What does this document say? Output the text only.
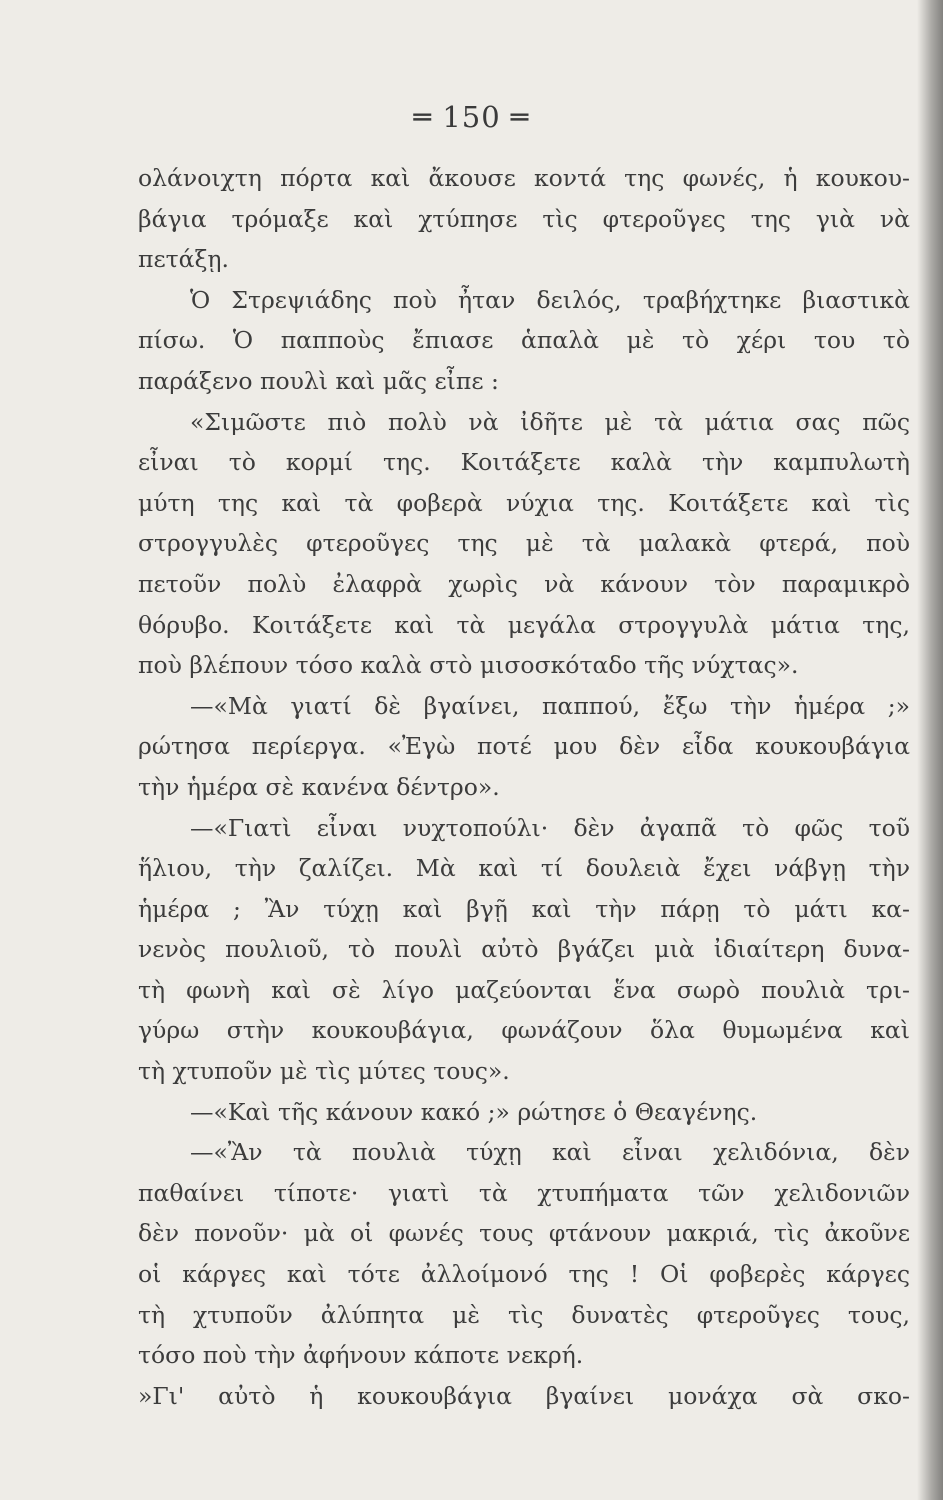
═ 150 ═
ολάνοιχτη πόρτα καὶ ἄκουσε κοντά της φωνές, ἡ κουκου-
βάγια τρόμαξε καὶ χτύπησε τὶς φτεροῦγες της γιὰ νὰ
πετάξῃ.
Ὁ Στρεψιάδης ποὺ ἦταν δειλός, τραβήχτηκε βιαστικὰ
πίσω. Ὁ παπποὺς ἔπιασε ἁπαλὰ μὲ τὸ χέρι του τὸ
παράξενο πουλὶ καὶ μᾶς εἶπε :
«Σιμῶστε πιὸ πολὺ νὰ ἰδῆτε μὲ τὰ μάτια σας πῶς
εἶναι τὸ κορμί της. Κοιτάξετε καλὰ τὴν καμπυλωτὴ
μύτη της καὶ τὰ φοβερὰ νύχια της. Κοιτάξετε καὶ τὶς
στρογγυλὲς φτεροῦγες της μὲ τὰ μαλακὰ φτερά, ποὺ
πετοῦν πολὺ ἐλαφρὰ χωρὶς νὰ κάνουν τὸν παραμικρὸ
θόρυβο. Κοιτάξετε καὶ τὰ μεγάλα στρογγυλὰ μάτια της,
ποὺ βλέπουν τόσο καλὰ στὸ μισοσκόταδο τῆς νύχτας».
—«Μὰ γιατί δὲ βγαίνει, παππού, ἔξω τὴν ἡμέρα ;»
ρώτησα περίεργα. «Ἐγὼ ποτέ μου δὲν εἶδα κουκουβάγια
τὴν ἡμέρα σὲ κανένα δέντρο».
—«Γιατὶ εἶναι νυχτοπούλι· δὲν ἀγαπᾶ τὸ φῶς τοῦ
ἥλιου, τὴν ζαλίζει. Μὰ καὶ τί δουλειὰ ἔχει νάβγῃ τὴν
ἡμέρα ; Ἂν τύχῃ καὶ βγῇ καὶ τὴν πάρῃ τὸ μάτι κα-
νενὸς πουλιοῦ, τὸ πουλὶ αὐτὸ βγάζει μιὰ ἰδιαίτερη δυνα-
τὴ φωνὴ καὶ σὲ λίγο μαζεύονται ἕνα σωρὸ πουλιὰ τρι-
γύρω στὴν κουκουβάγια, φωνάζουν ὅλα θυμωμένα καὶ
τὴ χτυποῦν μὲ τὶς μύτες τους».
—«Καὶ τῆς κάνουν κακό ;» ρώτησε ὁ Θεαγένης.
—«Ἂν τὰ πουλιὰ τύχῃ καὶ εἶναι χελιδόνια, δὲν
παθαίνει τίποτε· γιατὶ τὰ χτυπήματα τῶν χελιδονιῶν
δὲν πονοῦν· μὰ οἱ φωνές τους φτάνουν μακριά, τὶς ἀκοῦνε
οἱ κάργες καὶ τότε ἀλλοίμονό της ! Οἱ φοβερὲς κάργες
τὴ χτυποῦν ἀλύπητα μὲ τὶς δυνατὲς φτεροῦγες τους,
τόσο ποὺ τὴν ἀφήνουν κάποτε νεκρή.
»Γι' αὐτὸ ἡ κουκουβάγια βγαίνει μονάχα σὰ σκο-
